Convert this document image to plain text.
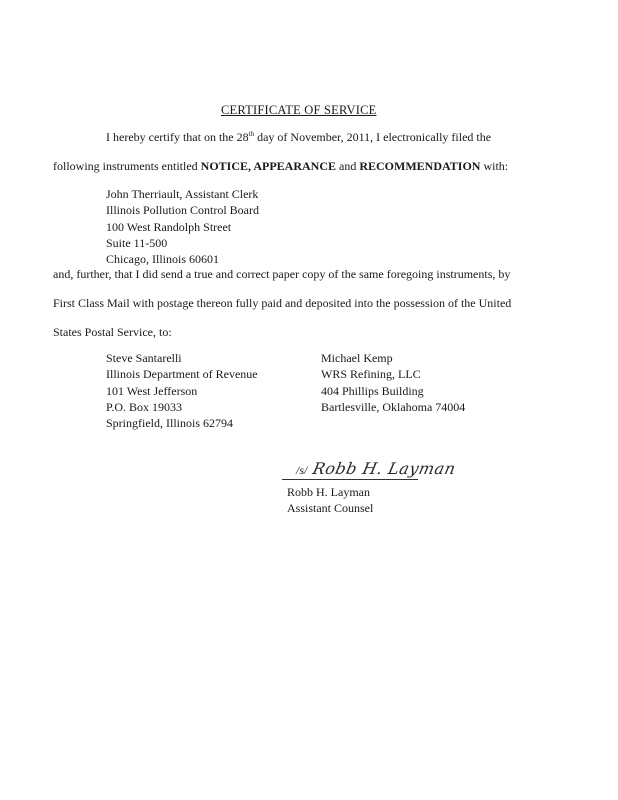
CERTIFICATE OF SERVICE
I hereby certify that on the 28th day of November, 2011, I electronically filed the
following instruments entitled NOTICE, APPEARANCE and RECOMMENDATION with:
John Therriault, Assistant Clerk
Illinois Pollution Control Board
100 West Randolph Street
Suite 11-500
Chicago, Illinois 60601
and, further, that I did send a true and correct paper copy of the same foregoing instruments, by
First Class Mail with postage thereon fully paid and deposited into the possession of the United
States Postal Service, to:
Steve Santarelli
Illinois Department of Revenue
101 West Jefferson
P.O. Box 19033
Springfield, Illinois 62794
Michael Kemp
WRS Refining, LLC
404 Phillips Building
Bartlesville, Oklahoma 74004
/s/ Robb H. Layman
Robb H. Layman
Assistant Counsel
